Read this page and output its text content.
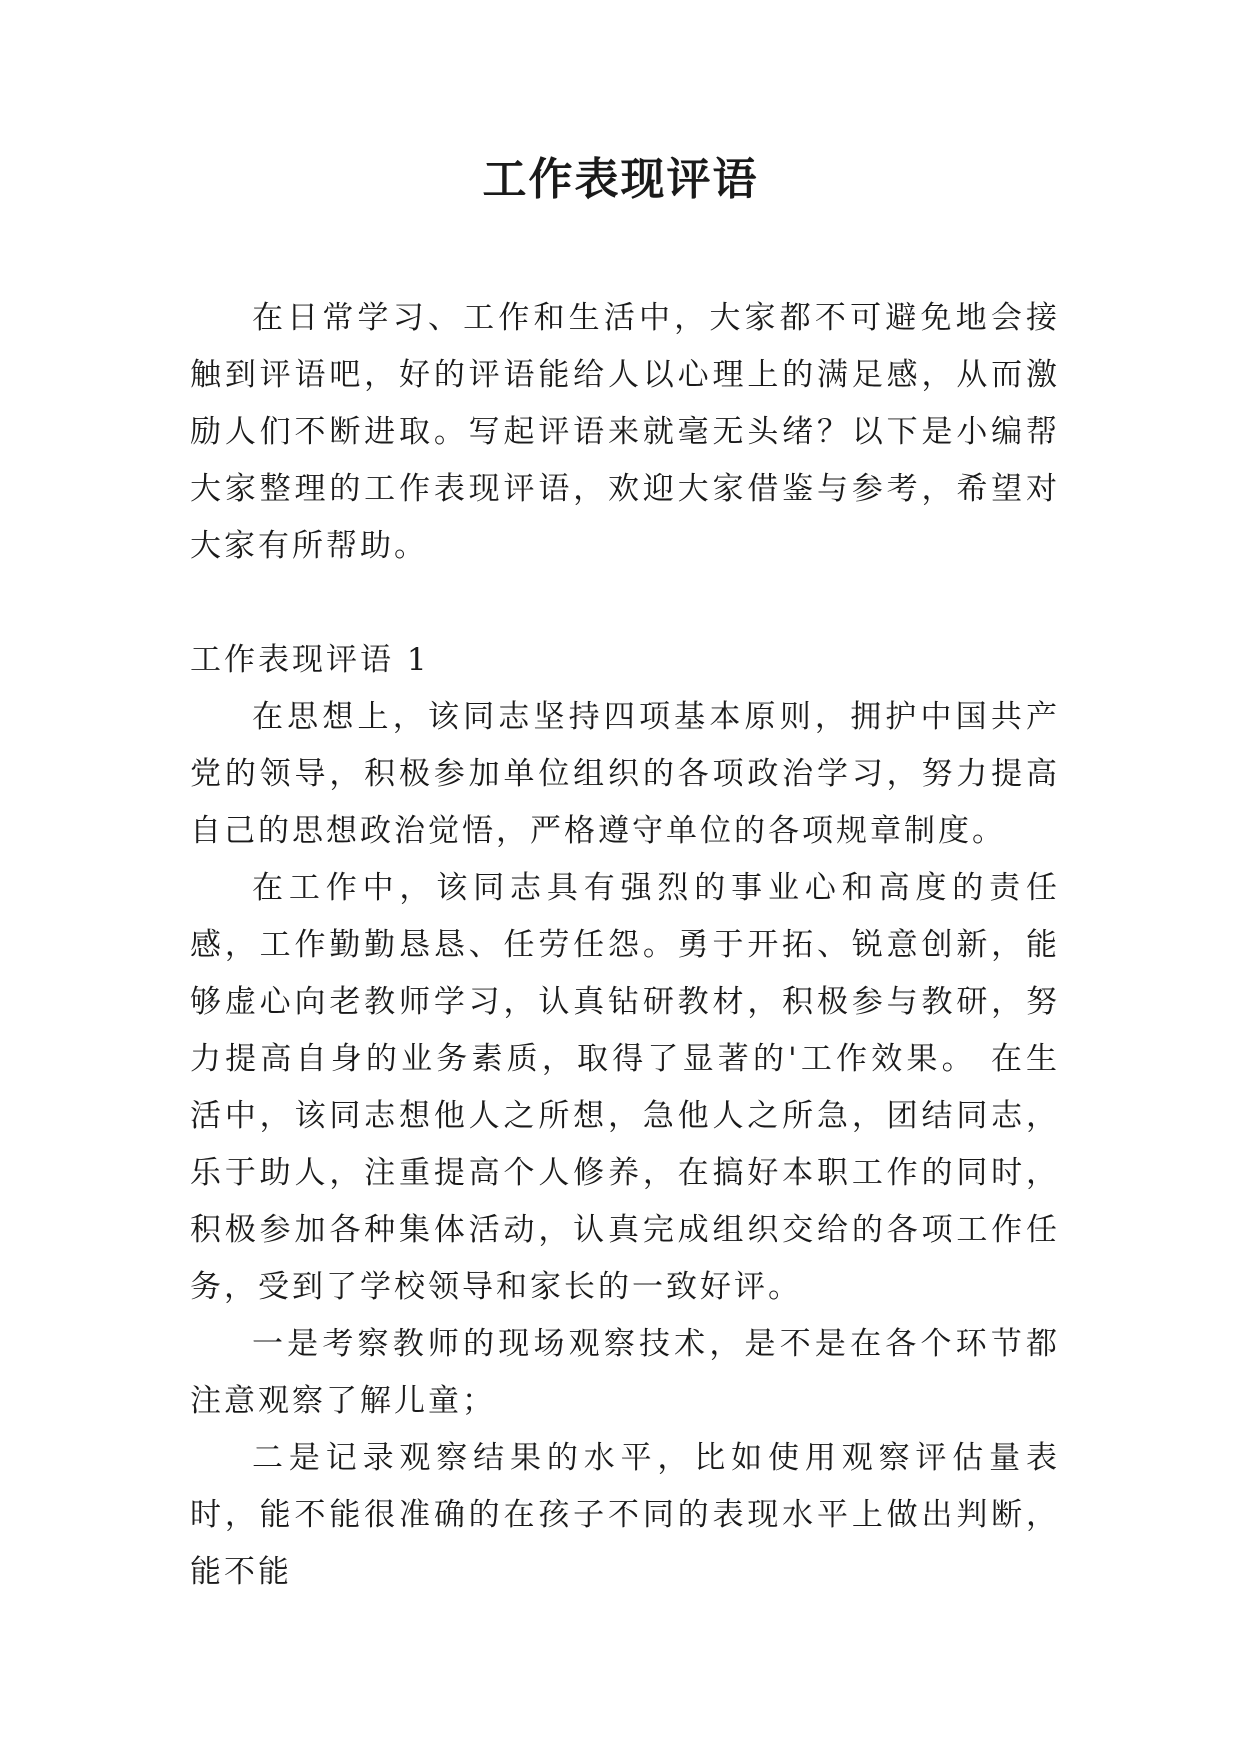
工作表现评语

在日常学习、工作和生活中，大家都不可避免地会接触到评语吧，好的评语能给人以心理上的满足感，从而激励人们不断进取。写起评语来就毫无头绪？以下是小编帮大家整理的工作表现评语，欢迎大家借鉴与参考，希望对大家有所帮助。

工作表现评语 1

在思想上，该同志坚持四项基本原则，拥护中国共产党的领导，积极参加单位组织的各项政治学习，努力提高自己的思想政治觉悟，严格遵守单位的各项规章制度。

在工作中，该同志具有强烈的事业心和高度的责任感，工作勤勤恳恳、任劳任怨。勇于开拓、锐意创新，能够虚心向老教师学习，认真钻研教材，积极参与教研，努力提高自身的业务素质，取得了显著的'工作效果。 在生活中，该同志想他人之所想，急他人之所急，团结同志，乐于助人，注重提高个人修养，在搞好本职工作的同时，积极参加各种集体活动，认真完成组织交给的各项工作任务，受到了学校领导和家长的一致好评。

一是考察教师的现场观察技术，是不是在各个环节都注意观察了解儿童；

二是记录观察结果的水平，比如使用观察评估量表时，能不能很准确的在孩子不同的表现水平上做出判断，能不能
